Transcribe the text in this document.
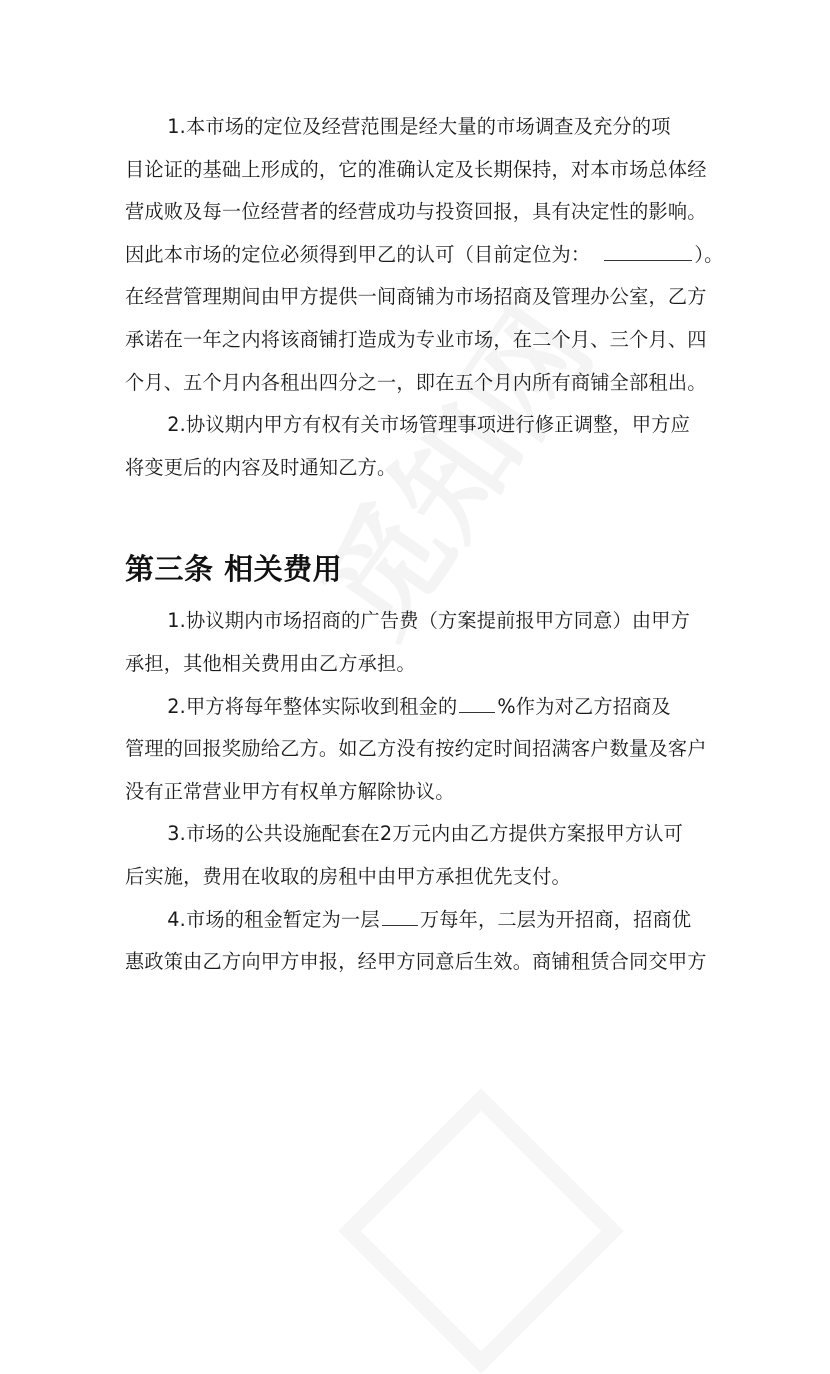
1.本市场的定位及经营范围是经大量的市场调查及充分的项
目论证的基础上形成的，它的准确认定及长期保持，对本市场总体经
营成败及每一位经营者的经营成功与投资回报，具有决定性的影响。
因此本市场的定位必须得到甲乙的认可（目前定位为：	）。
在经营管理期间由甲方提供一间商铺为市场招商及管理办公室，乙方
承诺在一年之内将该商铺打造成为专业市场，在二个月、三个月、四
个月、五个月内各租出四分之一，即在五个月内所有商铺全部租出。
2.协议期内甲方有权有关市场管理事项进行修正调整，甲方应
将变更后的内容及时通知乙方。
第三条 相关费用
1.协议期内市场招商的广告费（方案提前报甲方同意）由甲方
承担，其他相关费用由乙方承担。
2.甲方将每年整体实际收到租金的 %作为对乙方招商及
管理的回报奖励给乙方。如乙方没有按约定时间招满客户数量及客户
没有正常营业甲方有权单方解除协议。
3.市场的公共设施配套在2万元内由乙方提供方案报甲方认可
后实施，费用在收取的房租中由甲方承担优先支付。
4.市场的租金暂定为一层 万每年，二层为开招商，招商优
惠政策由乙方向甲方申报，经甲方同意后生效。商铺租赁合同交甲方
